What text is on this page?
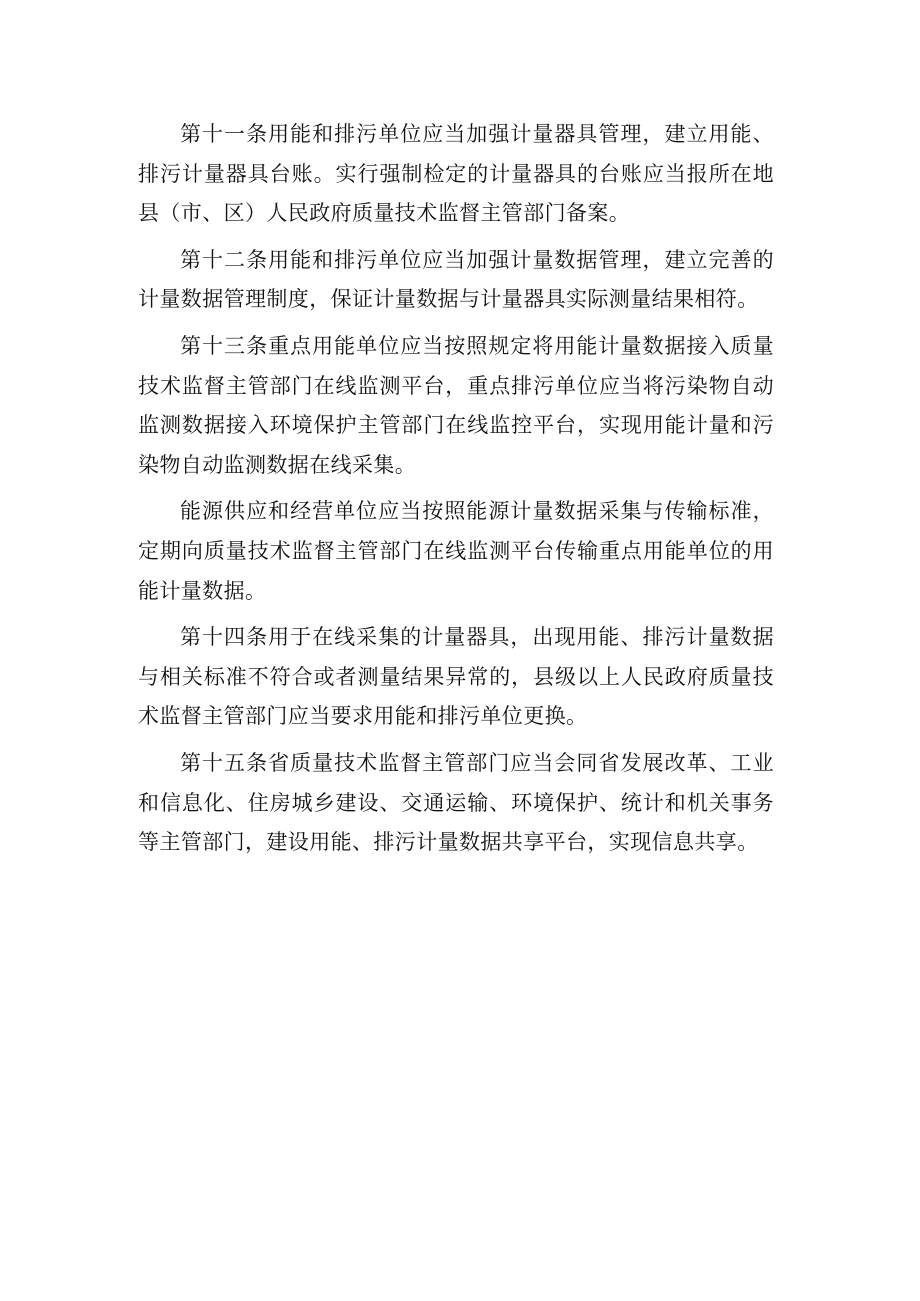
第十一条用能和排污单位应当加强计量器具管理，建立用能、排污计量器具台账。实行强制检定的计量器具的台账应当报所在地县（市、区）人民政府质量技术监督主管部门备案。

第十二条用能和排污单位应当加强计量数据管理，建立完善的计量数据管理制度，保证计量数据与计量器具实际测量结果相符。

第十三条重点用能单位应当按照规定将用能计量数据接入质量技术监督主管部门在线监测平台，重点排污单位应当将污染物自动监测数据接入环境保护主管部门在线监控平台，实现用能计量和污染物自动监测数据在线采集。

能源供应和经营单位应当按照能源计量数据采集与传输标准，定期向质量技术监督主管部门在线监测平台传输重点用能单位的用能计量数据。

第十四条用于在线采集的计量器具，出现用能、排污计量数据与相关标准不符合或者测量结果异常的，县级以上人民政府质量技术监督主管部门应当要求用能和排污单位更换。

第十五条省质量技术监督主管部门应当会同省发展改革、工业和信息化、住房城乡建设、交通运输、环境保护、统计和机关事务等主管部门，建设用能、排污计量数据共享平台，实现信息共享。
